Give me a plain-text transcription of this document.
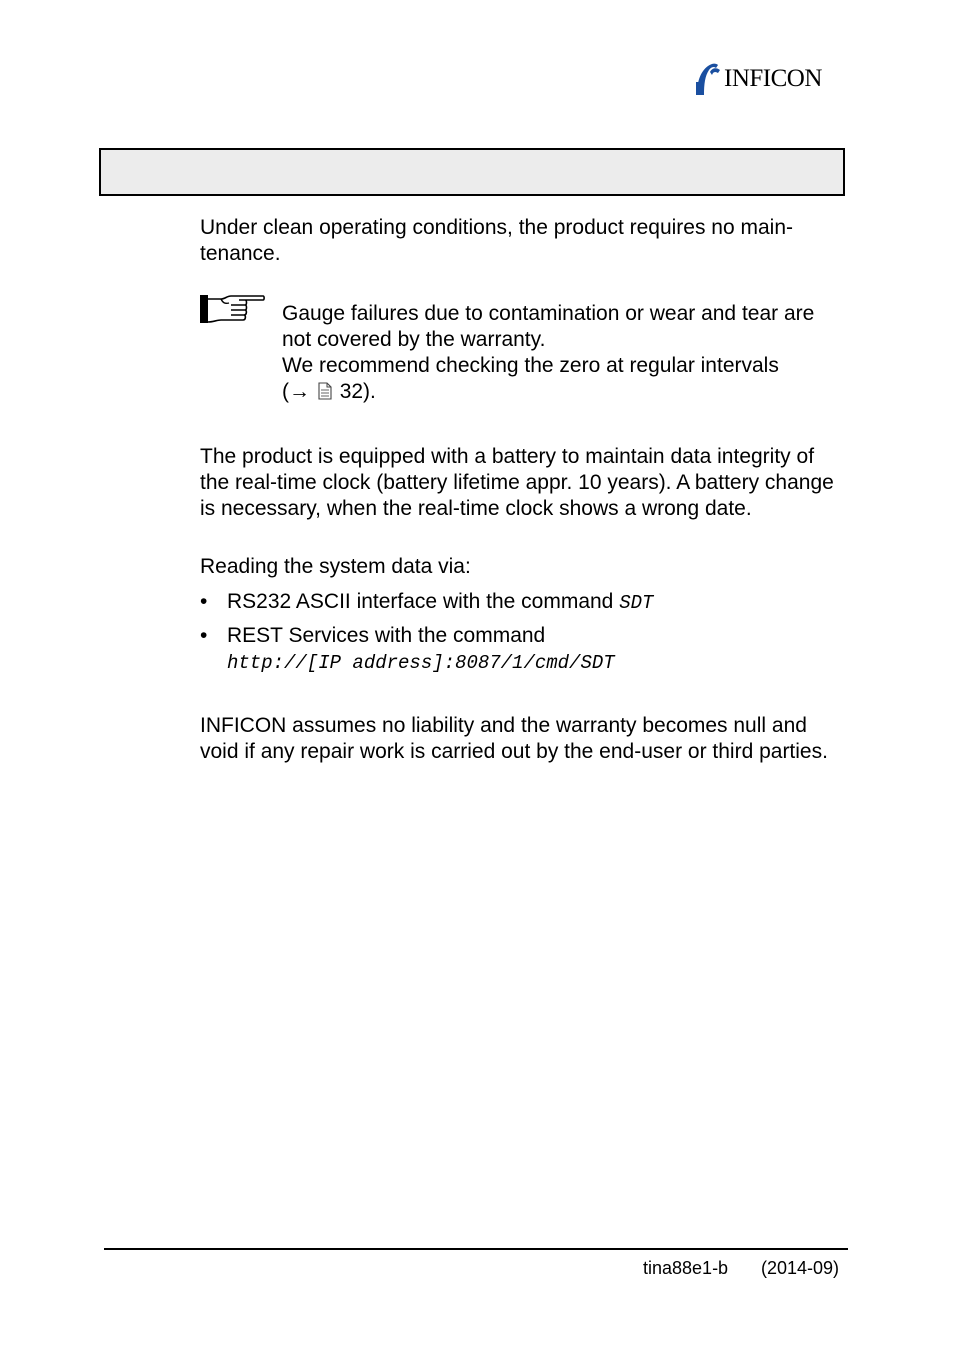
INFICON
Under clean operating conditions, the product requires no main-tenance.
Gauge failures due to contamination or wear and tear are not covered by the warranty.
We recommend checking the zero at regular intervals
(→ 32).
The product is equipped with a battery to maintain data integrity of the real-time clock (battery lifetime appr. 10 years). A battery change is necessary, when the real-time clock shows a wrong date.
Reading the system data via:
• RS232 ASCII interface with the command SDT
• REST Services with the command
http://[IP address]:8087/1/cmd/SDT
INFICON assumes no liability and the warranty becomes null and void if any repair work is carried out by the end-user or third parties.
tina88e1-b (2014-09)
